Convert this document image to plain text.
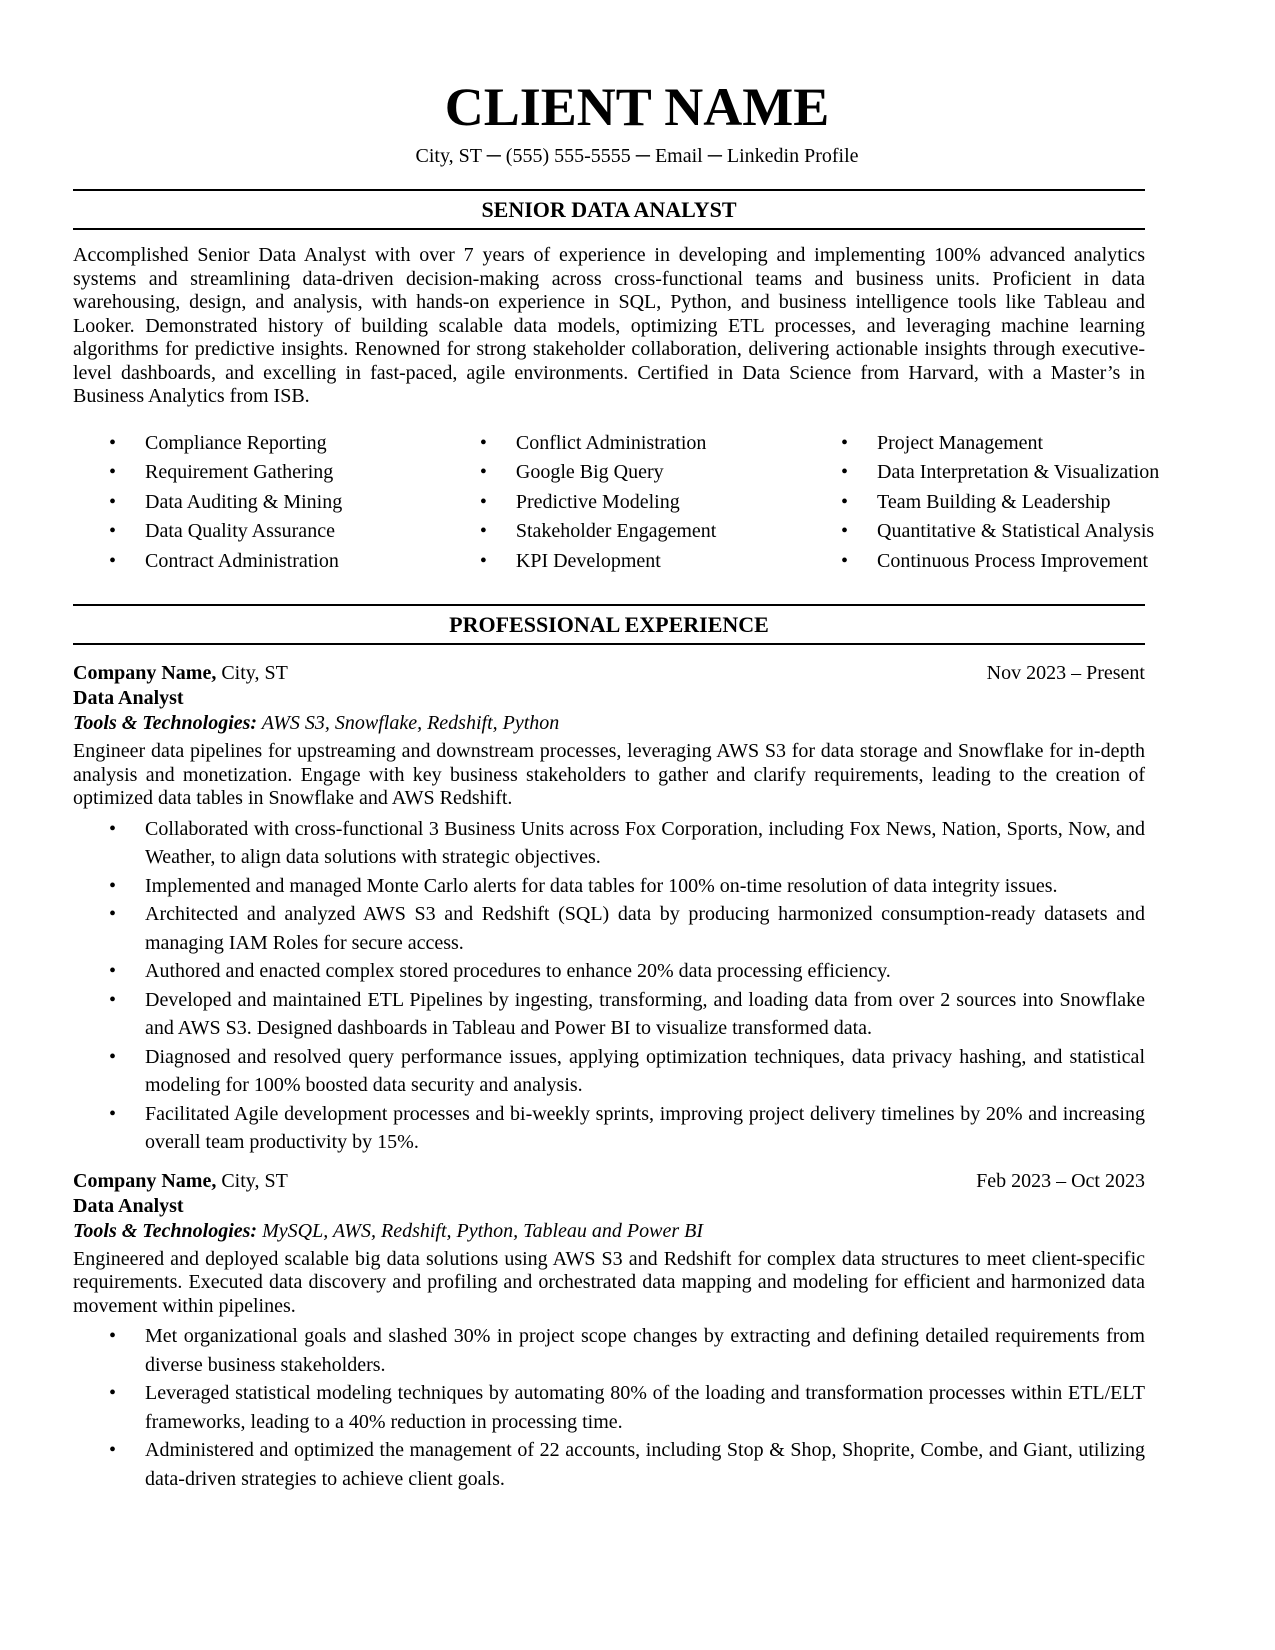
CLIENT NAME
City, ST ─ (555) 555-5555 ─ Email ─ Linkedin Profile
SENIOR DATA ANALYST
Accomplished Senior Data Analyst with over 7 years of experience in developing and implementing 100% advanced analytics systems and streamlining data-driven decision-making across cross-functional teams and business units. Proficient in data warehousing, design, and analysis, with hands-on experience in SQL, Python, and business intelligence tools like Tableau and Looker. Demonstrated history of building scalable data models, optimizing ETL processes, and leveraging machine learning algorithms for predictive insights. Renowned for strong stakeholder collaboration, delivering actionable insights through executive-level dashboards, and excelling in fast-paced, agile environments. Certified in Data Science from Harvard, with a Master’s in Business Analytics from ISB.
• Compliance Reporting
• Requirement Gathering
• Data Auditing & Mining
• Data Quality Assurance
• Contract Administration
• Conflict Administration
• Google Big Query
• Predictive Modeling
• Stakeholder Engagement
• KPI Development
• Project Management
• Data Interpretation & Visualization
• Team Building & Leadership
• Quantitative & Statistical Analysis
• Continuous Process Improvement
PROFESSIONAL EXPERIENCE
Company Name, City, ST	Nov 2023 – Present
Data Analyst
Tools & Technologies: AWS S3, Snowflake, Redshift, Python
Engineer data pipelines for upstreaming and downstream processes, leveraging AWS S3 for data storage and Snowflake for in-depth analysis and monetization. Engage with key business stakeholders to gather and clarify requirements, leading to the creation of optimized data tables in Snowflake and AWS Redshift.
• Collaborated with cross-functional 3 Business Units across Fox Corporation, including Fox News, Nation, Sports, Now, and Weather, to align data solutions with strategic objectives.
• Implemented and managed Monte Carlo alerts for data tables for 100% on-time resolution of data integrity issues.
• Architected and analyzed AWS S3 and Redshift (SQL) data by producing harmonized consumption-ready datasets and managing IAM Roles for secure access.
• Authored and enacted complex stored procedures to enhance 20% data processing efficiency.
• Developed and maintained ETL Pipelines by ingesting, transforming, and loading data from over 2 sources into Snowflake and AWS S3. Designed dashboards in Tableau and Power BI to visualize transformed data.
• Diagnosed and resolved query performance issues, applying optimization techniques, data privacy hashing, and statistical modeling for 100% boosted data security and analysis.
• Facilitated Agile development processes and bi-weekly sprints, improving project delivery timelines by 20% and increasing overall team productivity by 15%.
Company Name, City, ST	Feb 2023 – Oct 2023
Data Analyst
Tools & Technologies: MySQL, AWS, Redshift, Python, Tableau and Power BI
Engineered and deployed scalable big data solutions using AWS S3 and Redshift for complex data structures to meet client-specific requirements. Executed data discovery and profiling and orchestrated data mapping and modeling for efficient and harmonized data movement within pipelines.
• Met organizational goals and slashed 30% in project scope changes by extracting and defining detailed requirements from diverse business stakeholders.
• Leveraged statistical modeling techniques by automating 80% of the loading and transformation processes within ETL/ELT frameworks, leading to a 40% reduction in processing time.
• Administered and optimized the management of 22 accounts, including Stop & Shop, Shoprite, Combe, and Giant, utilizing data-driven strategies to achieve client goals.
